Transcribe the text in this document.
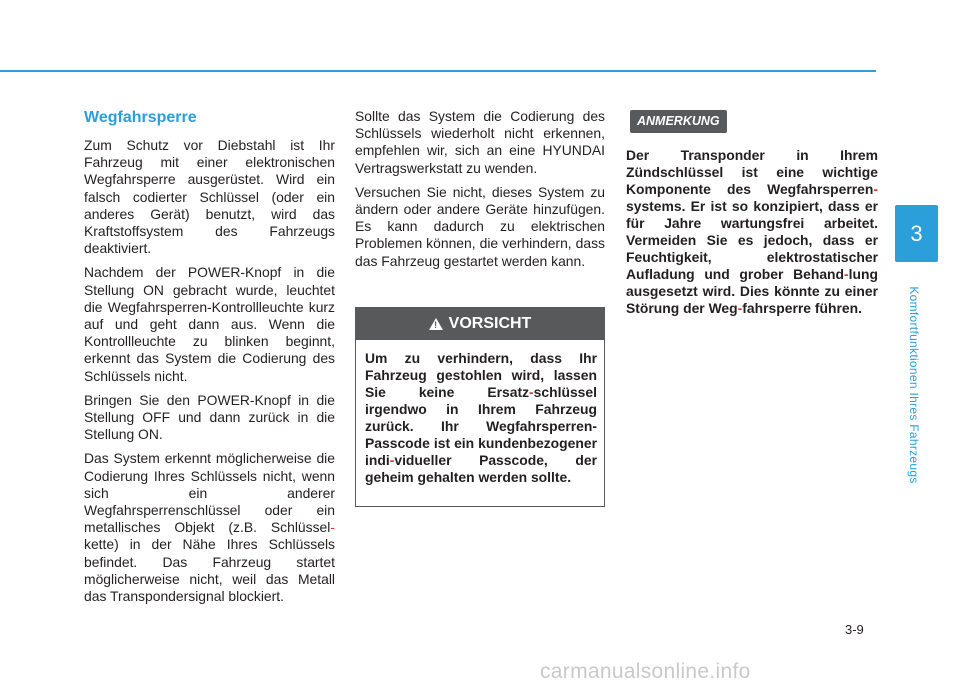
Wegfahrsperre

Zum Schutz vor Diebstahl ist Ihr Fahrzeug mit einer elektronischen Wegfahrsperre ausgerüstet. Wird ein falsch codierter Schlüssel (oder ein anderes Gerät) benutzt, wird das Kraftstoffsystem des Fahrzeugs deaktiviert.

Nachdem der POWER-Knopf in die Stellung ON gebracht wurde, leuchtet die Wegfahrsperren-Kontrollleuchte kurz auf und geht dann aus. Wenn die Kontrollleuchte zu blinken beginnt, erkennt das System die Codierung des Schlüssels nicht.

Bringen Sie den POWER-Knopf in die Stellung OFF und dann zurück in die Stellung ON.

Das System erkennt möglicherweise die Codierung Ihres Schlüssels nicht, wenn sich ein anderer Wegfahrsperrenschlüssel oder ein metallisches Objekt (z.B. Schlüssel-kette) in der Nähe Ihres Schlüssels befindet. Das Fahrzeug startet möglicherweise nicht, weil das Metall das Transpondersignal blockiert.

Sollte das System die Codierung des Schlüssels wiederholt nicht erkennen, empfehlen wir, sich an eine HYUNDAI Vertragswerkstatt zu wenden.

Versuchen Sie nicht, dieses System zu ändern oder andere Geräte hinzufügen. Es kann dadurch zu elektrischen Problemen können, die verhindern, dass das Fahrzeug gestartet werden kann.

! VORSICHT
Um zu verhindern, dass Ihr Fahrzeug gestohlen wird, lassen Sie keine Ersatz-schlüssel irgendwo in Ihrem Fahrzeug zurück. Ihr Wegfahrsperren-Passcode ist ein kundenbezogener indi-vidueller Passcode, der geheim gehalten werden sollte.
ANMERKUNG

Der Transponder in Ihrem Zündschlüssel ist eine wichtige Komponente des Wegfahrsperren-systems. Er ist so konzipiert, dass er für Jahre wartungsfrei arbeitet. Vermeiden Sie es jedoch, dass er Feuchtigkeit, elektrostatischer Aufladung und grober Behand-lung ausgesetzt wird. Dies könnte zu einer Störung der Weg-fahrsperre führen.

3
Komfortfunktionen Ihres Fahrzeugs
3-9
carmanualsonline.info
